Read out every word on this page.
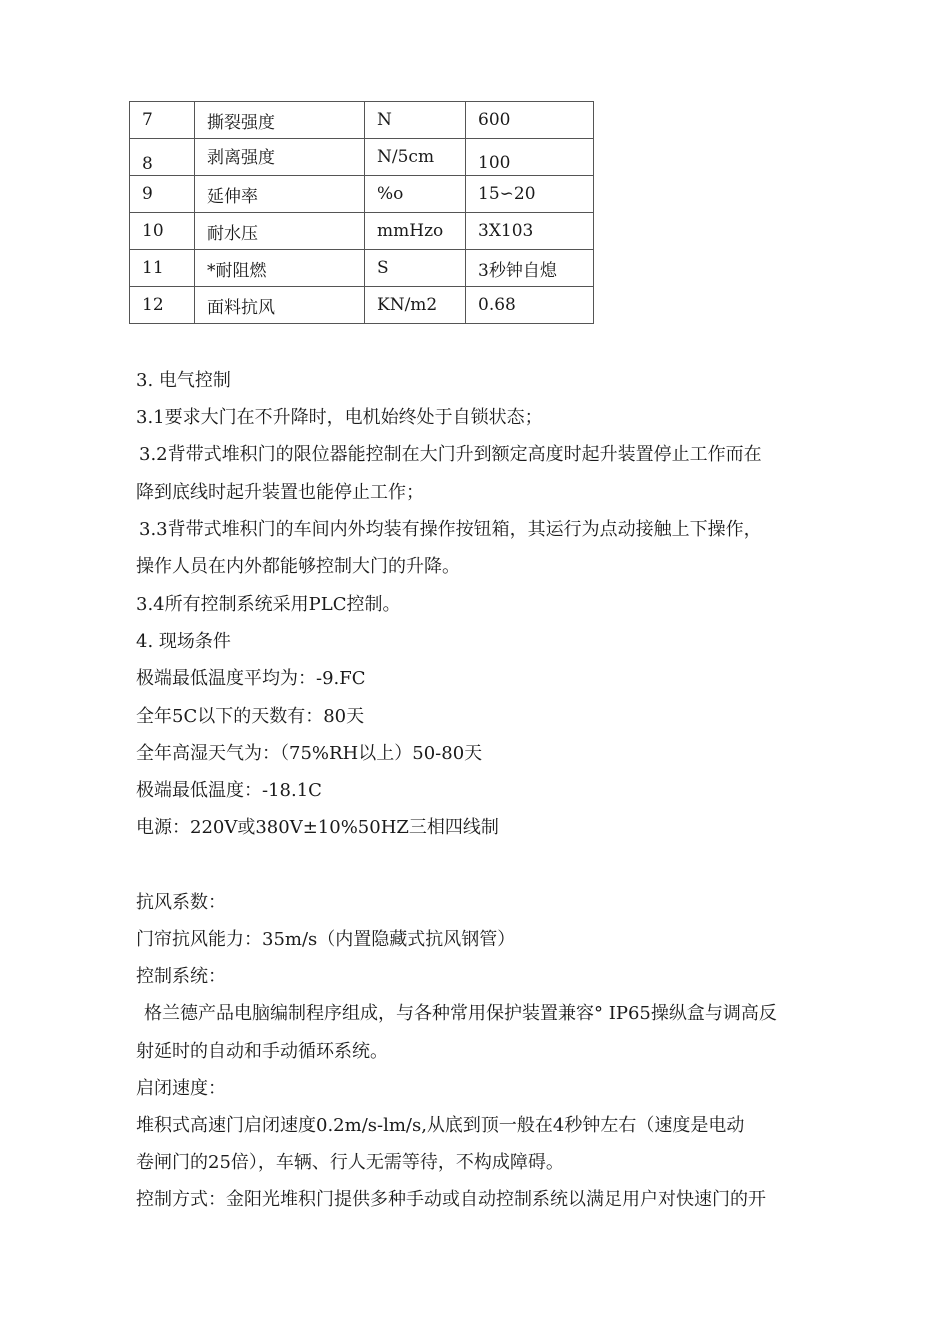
7	撕裂强度	N	600
8	剥离强度	N/5cm	100
9	延伸率	%o	15∽20
10	耐水压	mmHzo	3X103
11	*耐阻燃	S	3秒钟自熄
12	面料抗风	KN/m2	0.68
3. 电气控制
3.1要求大门在不升降时，电机始终处于自锁状态；
3.2背带式堆积门的限位器能控制在大门升到额定高度时起升装置停止工作而在
降到底线时起升装置也能停止工作；
3.3背带式堆积门的车间内外均装有操作按钮箱，其运行为点动接触上下操作，
操作人员在内外都能够控制大门的升降。
3.4所有控制系统采用PLC控制。
4. 现场条件
极端最低温度平均为：-9.FC
全年5C以下的天数有：80天
全年高湿天气为：（75%RH以上）50-80天
极端最低温度：-18.1C
电源：220V或380V±10%50HZ三相四线制
抗风系数：
门帘抗风能力：35m/s（内置隐藏式抗风钢管）
控制系统：
格兰德产品电脑编制程序组成，与各种常用保护装置兼容° IP65操纵盒与调高反
射延时的自动和手动循环系统。
启闭速度：
堆积式高速门启闭速度0.2m/s-lm/s,从底到顶一般在4秒钟左右（速度是电动
卷闸门的25倍），车辆、行人无需等待，不构成障碍。
控制方式：金阳光堆积门提供多种手动或自动控制系统以满足用户对快速门的开
